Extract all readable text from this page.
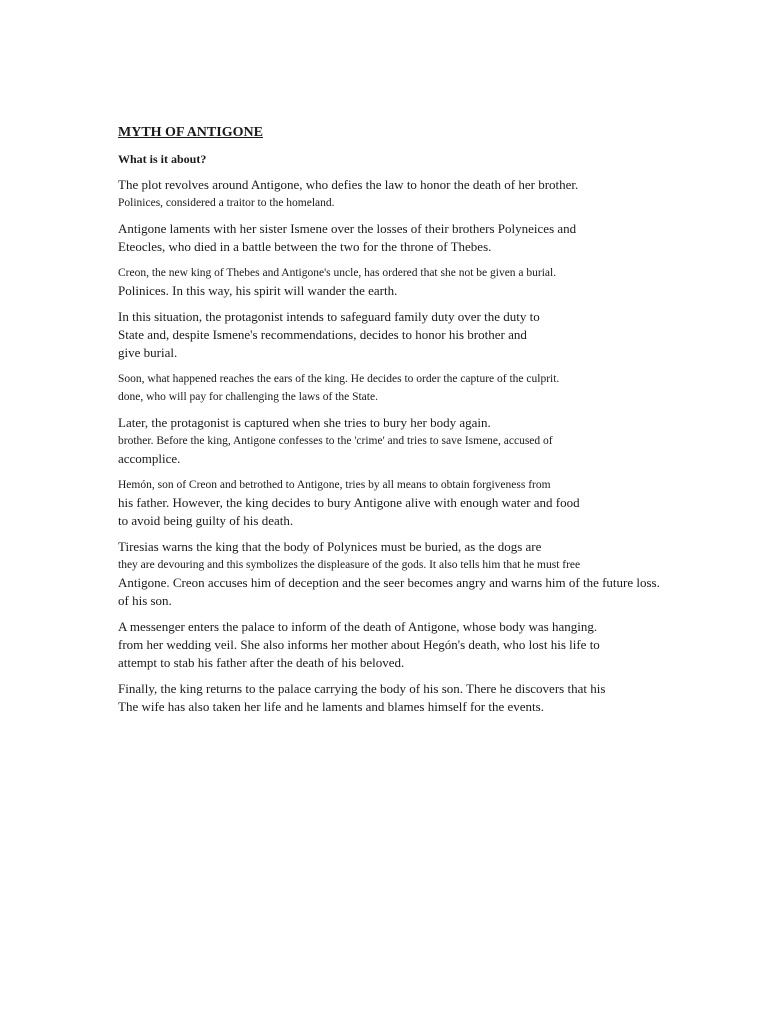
MYTH OF ANTIGONE
What is it about?
The plot revolves around Antigone, who defies the law to honor the death of her brother.
Polinices, considered a traitor to the homeland.
Antigone laments with her sister Ismene over the losses of their brothers Polyneices and
Eteocles, who died in a battle between the two for the throne of Thebes.
Creon, the new king of Thebes and Antigone's uncle, has ordered that she not be given a burial.
Polinices. In this way, his spirit will wander the earth.
In this situation, the protagonist intends to safeguard family duty over the duty to
State and, despite Ismene's recommendations, decides to honor his brother and
give burial.
Soon, what happened reaches the ears of the king. He decides to order the capture of the culprit.
done, who will pay for challenging the laws of the State.
Later, the protagonist is captured when she tries to bury her body again.
brother. Before the king, Antigone confesses to the 'crime' and tries to save Ismene, accused of
accomplice.
Hemón, son of Creon and betrothed to Antigone, tries by all means to obtain forgiveness from
his father. However, the king decides to bury Antigone alive with enough water and food
to avoid being guilty of his death.
Tiresias warns the king that the body of Polynices must be buried, as the dogs are
they are devouring and this symbolizes the displeasure of the gods. It also tells him that he must free
Antigone. Creon accuses him of deception and the seer becomes angry and warns him of the future loss.
of his son.
A messenger enters the palace to inform of the death of Antigone, whose body was hanging.
from her wedding veil. She also informs her mother about Hegón's death, who lost his life to
attempt to stab his father after the death of his beloved.
Finally, the king returns to the palace carrying the body of his son. There he discovers that his
The wife has also taken her life and he laments and blames himself for the events.
